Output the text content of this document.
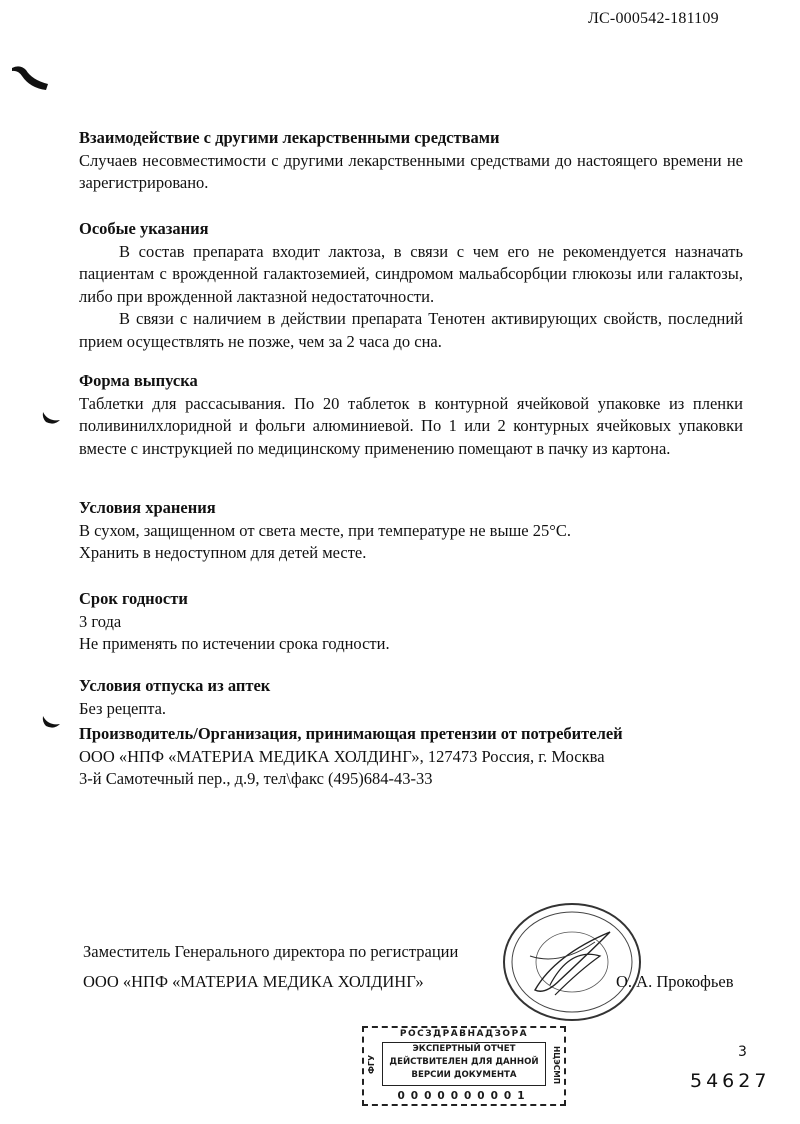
ЛС-000542-181109
Взаимодействие с другими лекарственными средствами
Случаев несовместимости с другими лекарственными средствами до настоящего времени не зарегистрировано.
Особые указания
В состав препарата входит лактоза, в связи с чем его не рекомендуется назначать пациентам с врожденной галактоземией, синдромом мальабсорбции глюкозы или галактозы, либо при врожденной лактазной недостаточности.
В связи с наличием в действии препарата Тенотен активирующих свойств, последний прием осуществлять не позже, чем за 2 часа до сна.
Форма выпуска
Таблетки для рассасывания. По 20 таблеток в контурной ячейковой упаковке из пленки поливинилхлоридной и фольги алюминиевой. По 1 или 2 контурных ячейковых упаковки вместе с инструкцией по медицинскому применению помещают в пачку из картона.
Условия хранения
В сухом, защищенном от света месте, при температуре не выше 25°С.
Хранить в недоступном для детей месте.
Срок годности
3 года
Не применять по истечении срока годности.
Условия отпуска из аптек
Без рецепта.
Производитель/Организация, принимающая претензии от потребителей
ООО «НПФ «МАТЕРИА МЕДИКА ХОЛДИНГ», 127473 Россия, г. Москва
3-й Самотечный пер., д.9, тел\факс (495)684-43-33
Заместитель Генерального директора по регистрации
ООО «НПФ «МАТЕРИА МЕДИКА ХОЛДИНГ»	О. А. Прокофьев
РОСЗДРАВНАДЗОРА
ФГУ	НЦЭСМП
ЭКСПЕРТНЫЙ ОТЧЕТ
ДЕЙСТВИТЕЛЕН ДЛЯ ДАННОЙ
ВЕРСИИ ДОКУМЕНТА
0000000001
3
54627
